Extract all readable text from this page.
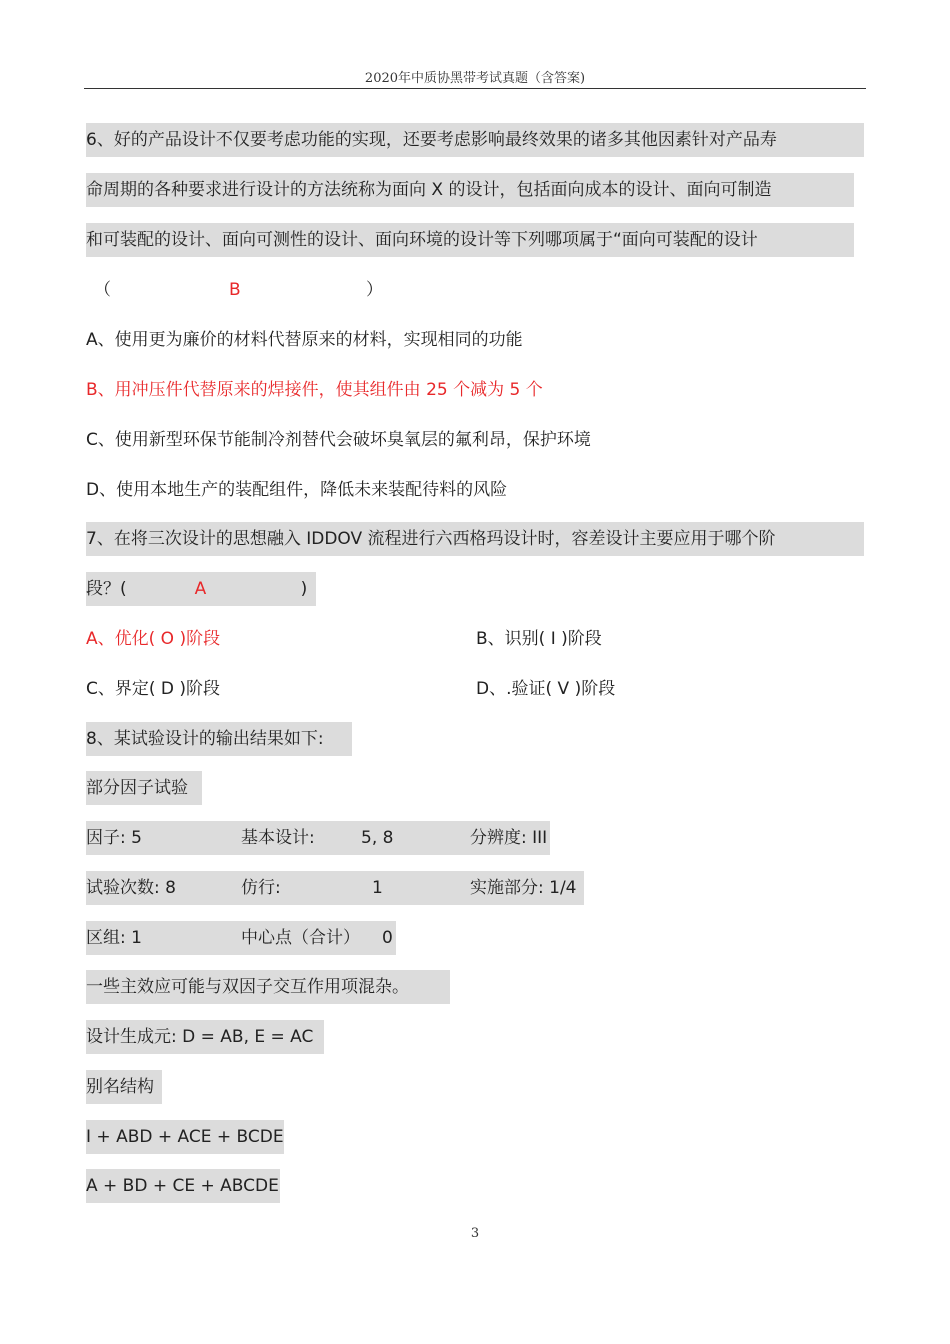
2020年中质协黑带考试真题（含答案)
6、好的产品设计不仅要考虑功能的实现，还要考虑影响最终效果的诸多其他因素针对产品寿
命周期的各种要求进行设计的方法统称为面向 X 的设计，包括面向成本的设计、面向可制造
和可装配的设计、面向可测性的设计、面向环境的设计等下列哪项属于“面向可装配的设计
（	B	）
A、使用更为廉价的材料代替原来的材料，实现相同的功能
B、用冲压件代替原来的焊接件，使其组件由 25 个减为 5 个
C、使用新型环保节能制冷剂替代会破坏臭氧层的氟利昂，保护环境
D、使用本地生产的装配组件，降低未来装配待料的风险
7、在将三次设计的思想融入 IDDOV 流程进行六西格玛设计时，容差设计主要应用于哪个阶
段？(	A	)
A、优化( O )阶段	B、识别( I )阶段
C、界定( D )阶段	D、.验证( V )阶段
8、某试验设计的输出结果如下:
部分因子试验
因子: 5	基本设计:	5, 8	分辨度: III
试验次数: 8	仿行:	1	实施部分: 1/4
区组: 1	中心点（合计） 0
一些主效应可能与双因子交互作用项混杂。
设计生成元: D = AB, E = AC
别名结构
I + ABD + ACE + BCDE
A + BD + CE + ABCDE
3
